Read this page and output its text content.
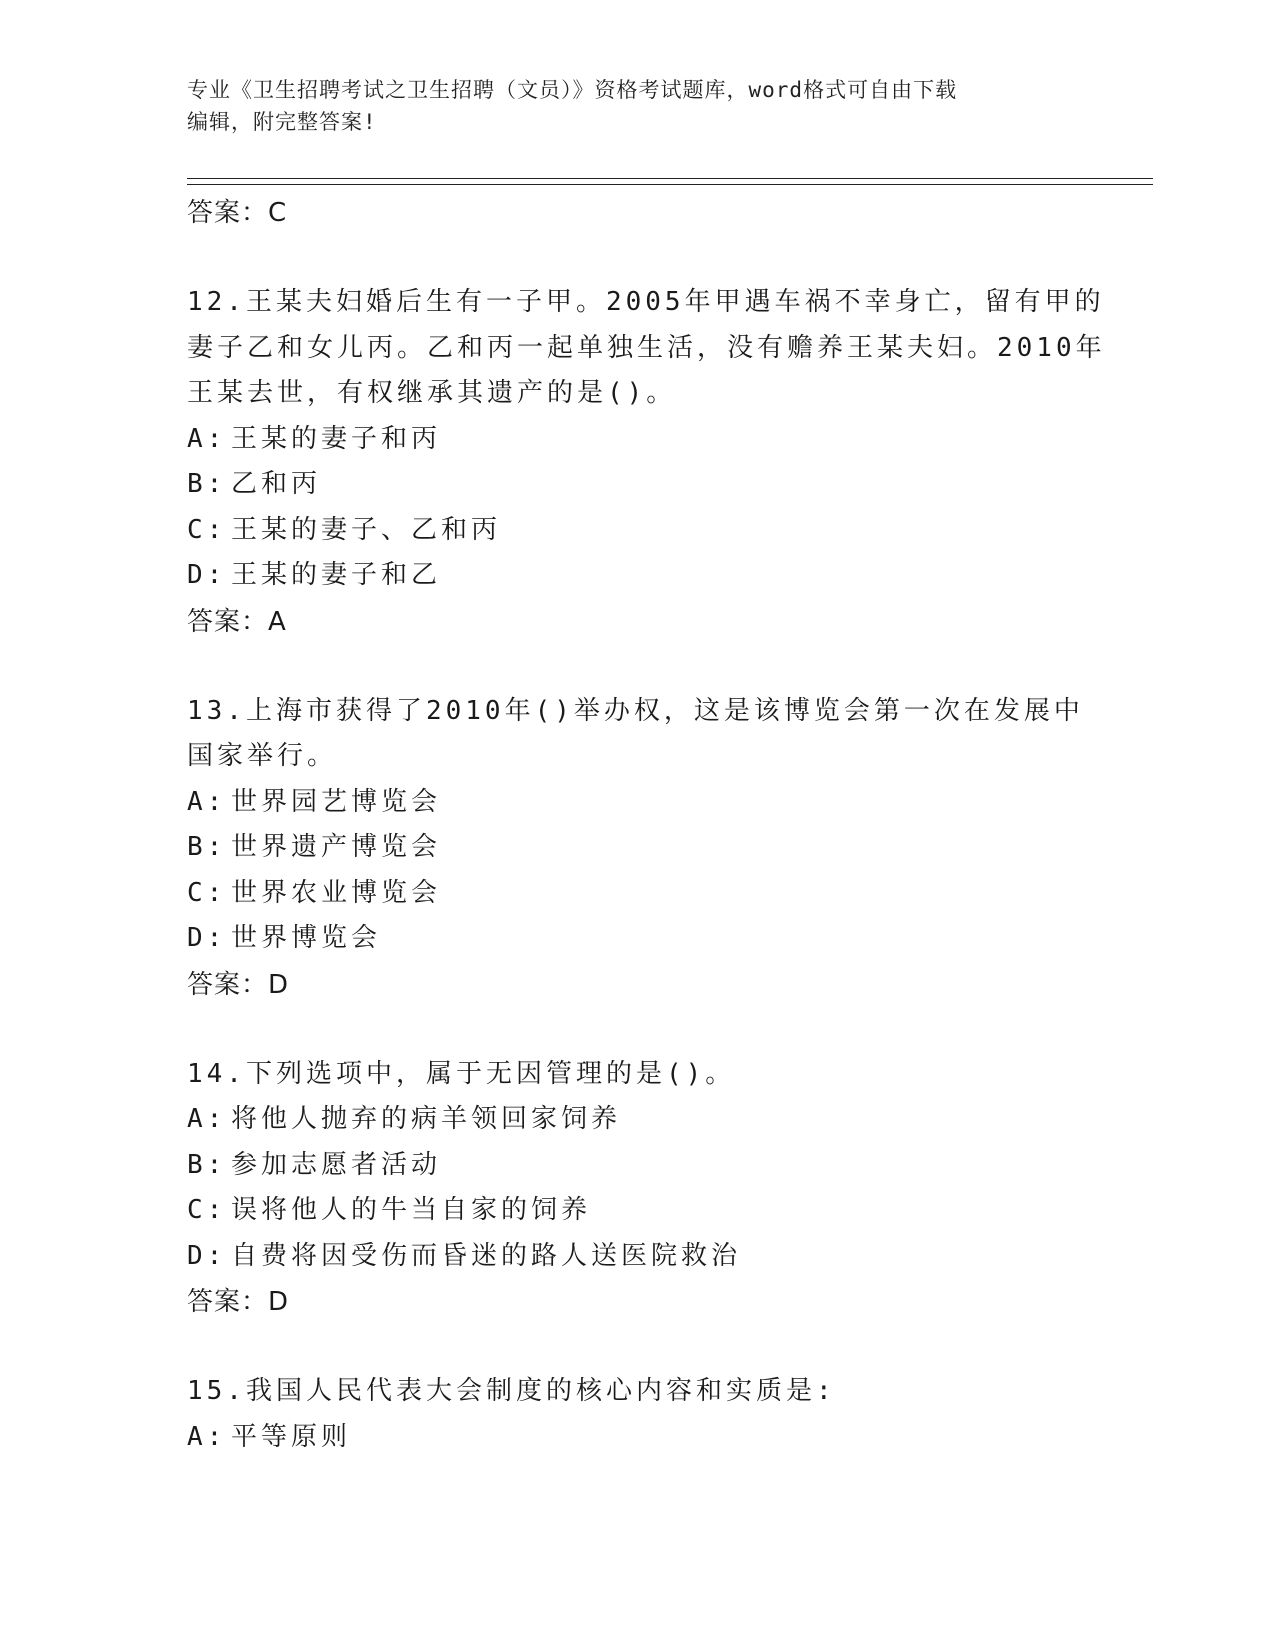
专业《卫生招聘考试之卫生招聘（文员）》资格考试题库，word格式可自由下载
编辑，附完整答案!

答案：C

12.王某夫妇婚后生有一子甲。2005年甲遇车祸不幸身亡，留有甲的妻子乙和女儿丙。乙和丙一起单独生活，没有赡养王某夫妇。2010年王某去世，有权继承其遗产的是()。

A: 王某的妻子和丙

B: 乙和丙

C: 王某的妻子、乙和丙

D: 王某的妻子和乙

答案：A

13.上海市获得了2010年()举办权，这是该博览会第一次在发展中国家举行。

A: 世界园艺博览会

B: 世界遗产博览会

C: 世界农业博览会

D: 世界博览会

答案：D

14.下列选项中，属于无因管理的是()。

A: 将他人抛弃的病羊领回家饲养

B: 参加志愿者活动

C: 误将他人的牛当自家的饲养

D: 自费将因受伤而昏迷的路人送医院救治

答案：D

15.我国人民代表大会制度的核心内容和实质是:

A: 平等原则
